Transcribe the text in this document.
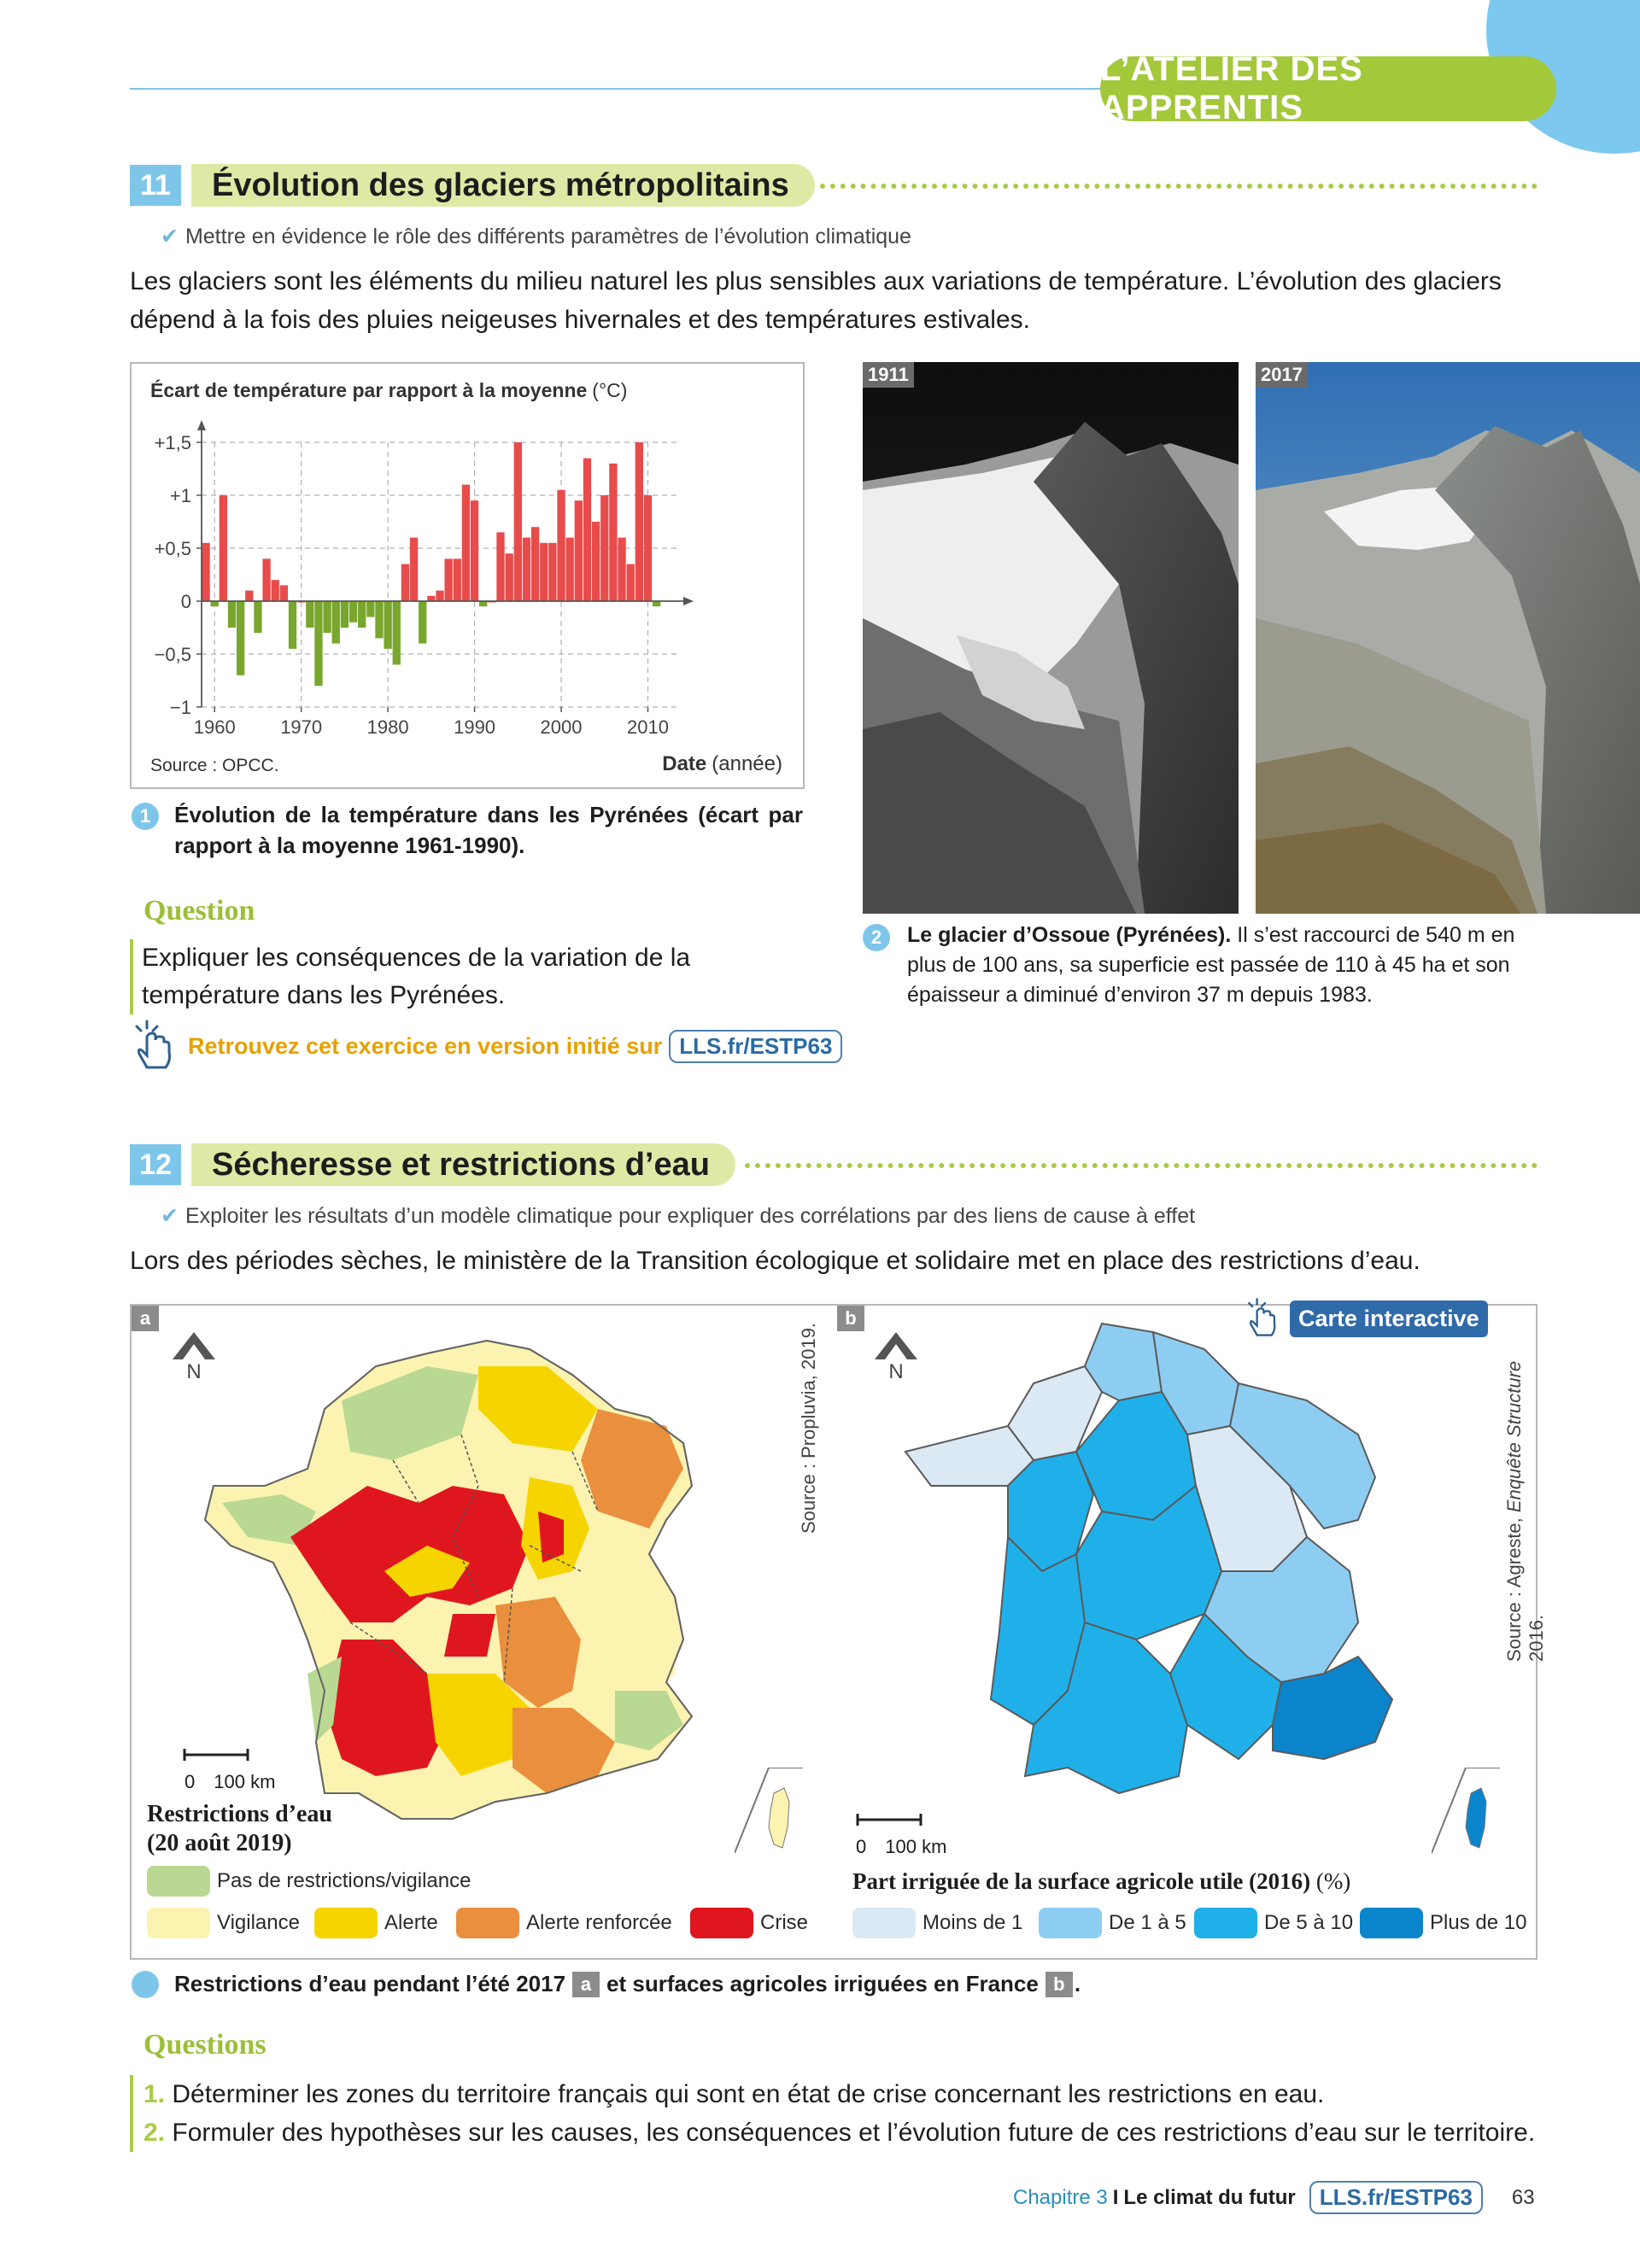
L’ATELIER DES APPRENTIS
11	Évolution des glaciers métropolitains
✔ Mettre en évidence le rôle des différents paramètres de l’évolution climatique
Les glaciers sont les éléments du milieu naturel les plus sensibles aux variations de température. L’évolution des glaciers
dépend à la fois des pluies neigeuses hivernales et des températures estivales.
Écart de température par rapport à la moyenne (°C)
+1,5
+1
+0,5
0
−0,5
−1
1960 1970 1980 1990 2000 2010
Source : OPCC.	Date (année)
1	Évolution de la température dans les Pyrénées (écart par
rapport à la moyenne 1961-1990).
Question
Expliquer les conséquences de la variation de la
température dans les Pyrénées.
Retrouvez cet exercice en version initié sur LLS.fr/ESTP63
1911	2017
2	Le glacier d’Ossoue (Pyrénées). Il s’est raccourci de 540 m en
plus de 100 ans, sa superficie est passée de 110 à 45 ha et son
épaisseur a diminué d’environ 37 m depuis 1983.
12	Sécheresse et restrictions d’eau
✔ Exploiter les résultats d’un modèle climatique pour expliquer des corrélations par des liens de cause à effet
Lors des périodes sèches, le ministère de la Transition écologique et solidaire met en place des restrictions d’eau.
a
N
0 100 km
Restrictions d’eau
(20 août 2019)
Source : Propluvia, 2019.
Pas de restrictions/vigilance
Vigilance	Alerte	Alerte renforcée	Crise
b
N
Carte interactive
0 100 km
Part irriguée de la surface agricole utile (2016) (%)
Source : Agreste, Enquête Structure 2016.
Moins de 1	De 1 à 5	De 5 à 10	Plus de 10
Restrictions d’eau pendant l’été 2017 a et surfaces agricoles irriguées en France b .
Questions
1. Déterminer les zones du territoire français qui sont en état de crise concernant les restrictions en eau.
2. Formuler des hypothèses sur les causes, les conséquences et l’évolution future de ces restrictions d’eau sur le territoire.
Chapitre 3 I Le climat du futur	LLS.fr/ESTP63	63
